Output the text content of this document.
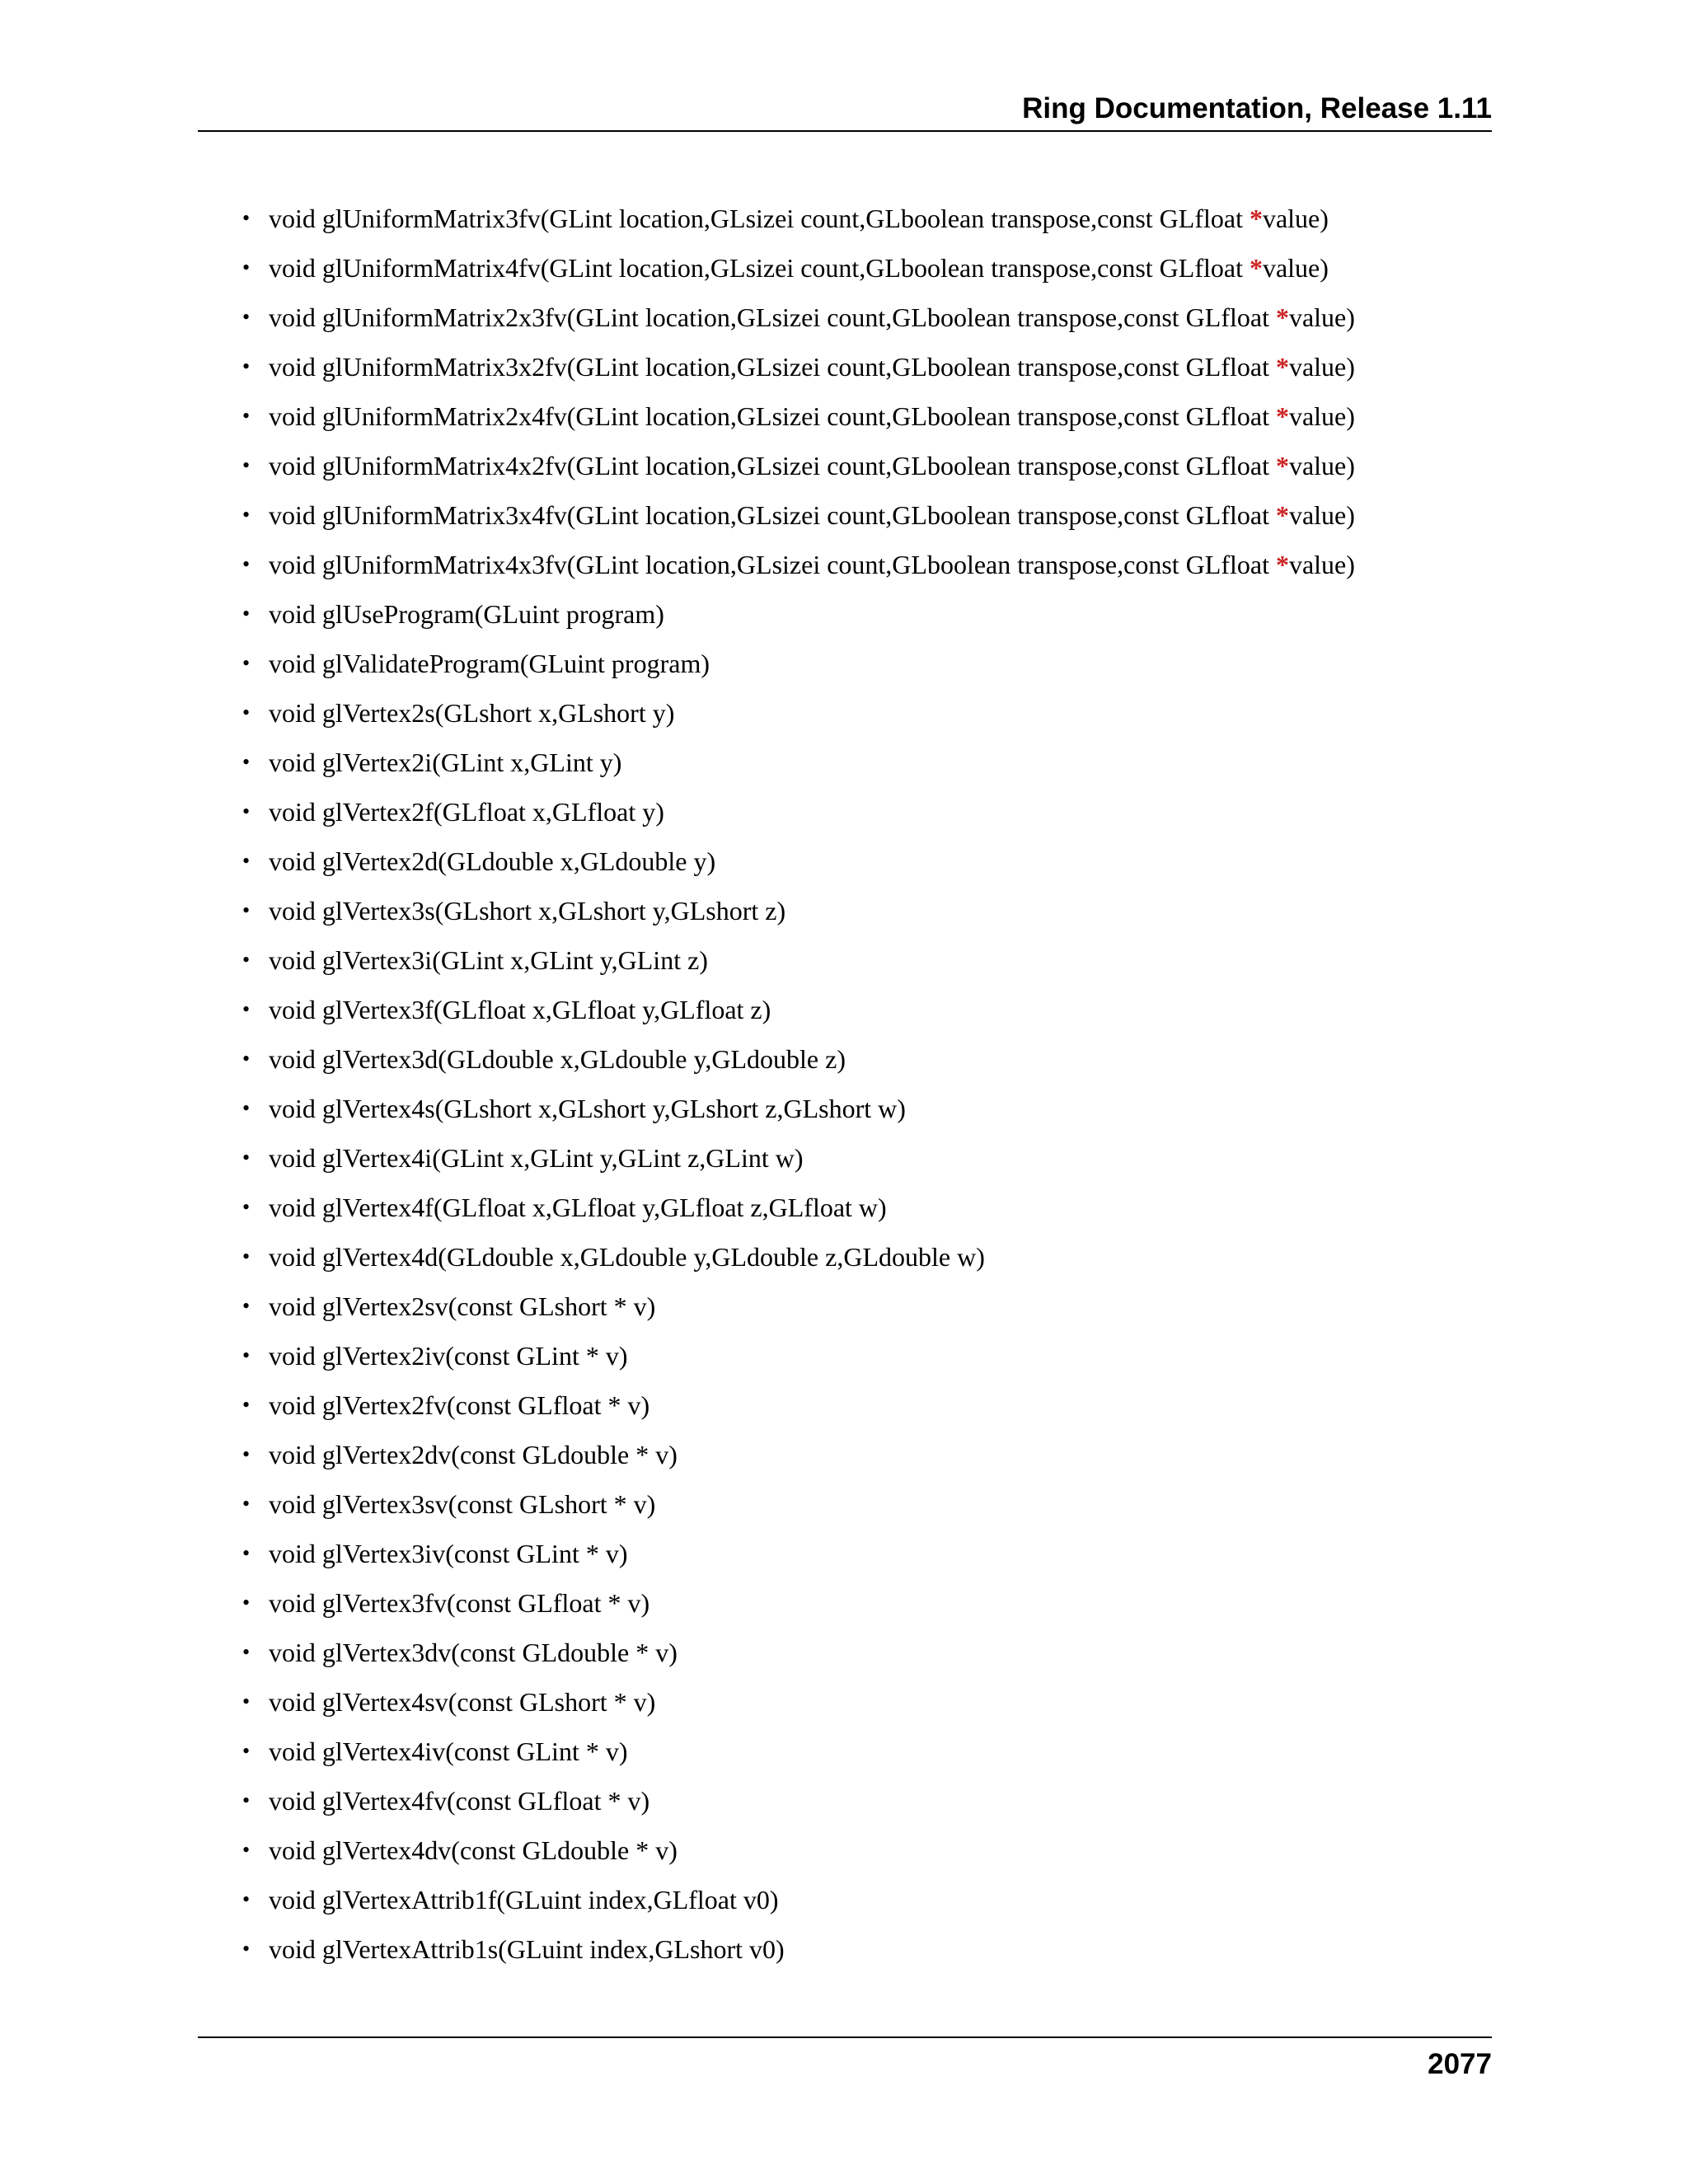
Ring Documentation, Release 1.11
• void glUniformMatrix3fv(GLint location,GLsizei count,GLboolean transpose,const GLfloat *value)
• void glUniformMatrix4fv(GLint location,GLsizei count,GLboolean transpose,const GLfloat *value)
• void glUniformMatrix2x3fv(GLint location,GLsizei count,GLboolean transpose,const GLfloat *value)
• void glUniformMatrix3x2fv(GLint location,GLsizei count,GLboolean transpose,const GLfloat *value)
• void glUniformMatrix2x4fv(GLint location,GLsizei count,GLboolean transpose,const GLfloat *value)
• void glUniformMatrix4x2fv(GLint location,GLsizei count,GLboolean transpose,const GLfloat *value)
• void glUniformMatrix3x4fv(GLint location,GLsizei count,GLboolean transpose,const GLfloat *value)
• void glUniformMatrix4x3fv(GLint location,GLsizei count,GLboolean transpose,const GLfloat *value)
• void glUseProgram(GLuint program)
• void glValidateProgram(GLuint program)
• void glVertex2s(GLshort x,GLshort y)
• void glVertex2i(GLint x,GLint y)
• void glVertex2f(GLfloat x,GLfloat y)
• void glVertex2d(GLdouble x,GLdouble y)
• void glVertex3s(GLshort x,GLshort y,GLshort z)
• void glVertex3i(GLint x,GLint y,GLint z)
• void glVertex3f(GLfloat x,GLfloat y,GLfloat z)
• void glVertex3d(GLdouble x,GLdouble y,GLdouble z)
• void glVertex4s(GLshort x,GLshort y,GLshort z,GLshort w)
• void glVertex4i(GLint x,GLint y,GLint z,GLint w)
• void glVertex4f(GLfloat x,GLfloat y,GLfloat z,GLfloat w)
• void glVertex4d(GLdouble x,GLdouble y,GLdouble z,GLdouble w)
• void glVertex2sv(const GLshort * v)
• void glVertex2iv(const GLint * v)
• void glVertex2fv(const GLfloat * v)
• void glVertex2dv(const GLdouble * v)
• void glVertex3sv(const GLshort * v)
• void glVertex3iv(const GLint * v)
• void glVertex3fv(const GLfloat * v)
• void glVertex3dv(const GLdouble * v)
• void glVertex4sv(const GLshort * v)
• void glVertex4iv(const GLint * v)
• void glVertex4fv(const GLfloat * v)
• void glVertex4dv(const GLdouble * v)
• void glVertexAttrib1f(GLuint index,GLfloat v0)
• void glVertexAttrib1s(GLuint index,GLshort v0)
2077
